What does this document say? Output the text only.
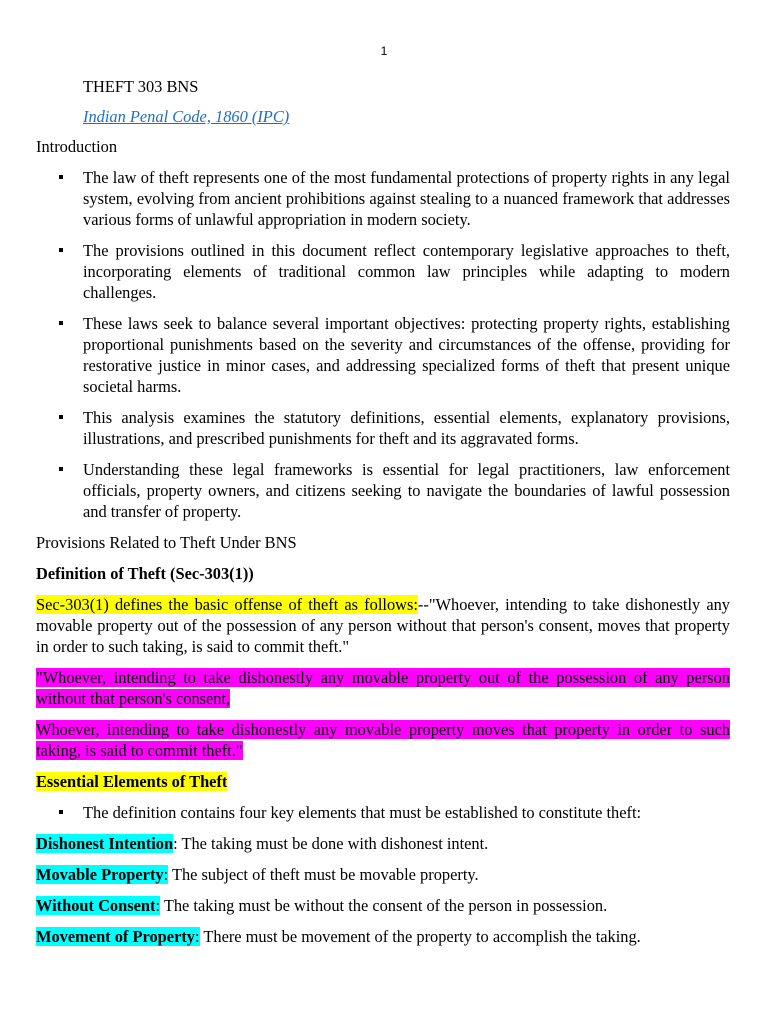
1
THEFT 303 BNS
Indian Penal Code, 1860 (IPC)
Introduction
The law of theft represents one of the most fundamental protections of property rights in any legal system, evolving from ancient prohibitions against stealing to a nuanced framework that addresses various forms of unlawful appropriation in modern society.
The provisions outlined in this document reflect contemporary legislative approaches to theft, incorporating elements of traditional common law principles while adapting to modern challenges.
These laws seek to balance several important objectives: protecting property rights, establishing proportional punishments based on the severity and circumstances of the offense, providing for restorative justice in minor cases, and addressing specialized forms of theft that present unique societal harms.
This analysis examines the statutory definitions, essential elements, explanatory provisions, illustrations, and prescribed punishments for theft and its aggravated forms.
Understanding these legal frameworks is essential for legal practitioners, law enforcement officials, property owners, and citizens seeking to navigate the boundaries of lawful possession and transfer of property.
Provisions Related to Theft Under BNS
Definition of Theft (Sec-303(1))

Sec-303(1) defines the basic offense of theft as follows:--"Whoever, intending to take dishonestly any movable property out of the possession of any person without that person's consent, moves that property in order to such taking, is said to commit theft."

"Whoever, intending to take dishonestly any movable property out of the possession of any person without that person's consent,

Whoever, intending to take dishonestly any movable property moves that property in order to such taking, is said to commit theft."

Essential Elements of Theft
The definition contains four key elements that must be established to constitute theft:
Dishonest Intention: The taking must be done with dishonest intent.
Movable Property: The subject of theft must be movable property.
Without Consent: The taking must be without the consent of the person in possession.
Movement of Property: There must be movement of the property to accomplish the taking.
